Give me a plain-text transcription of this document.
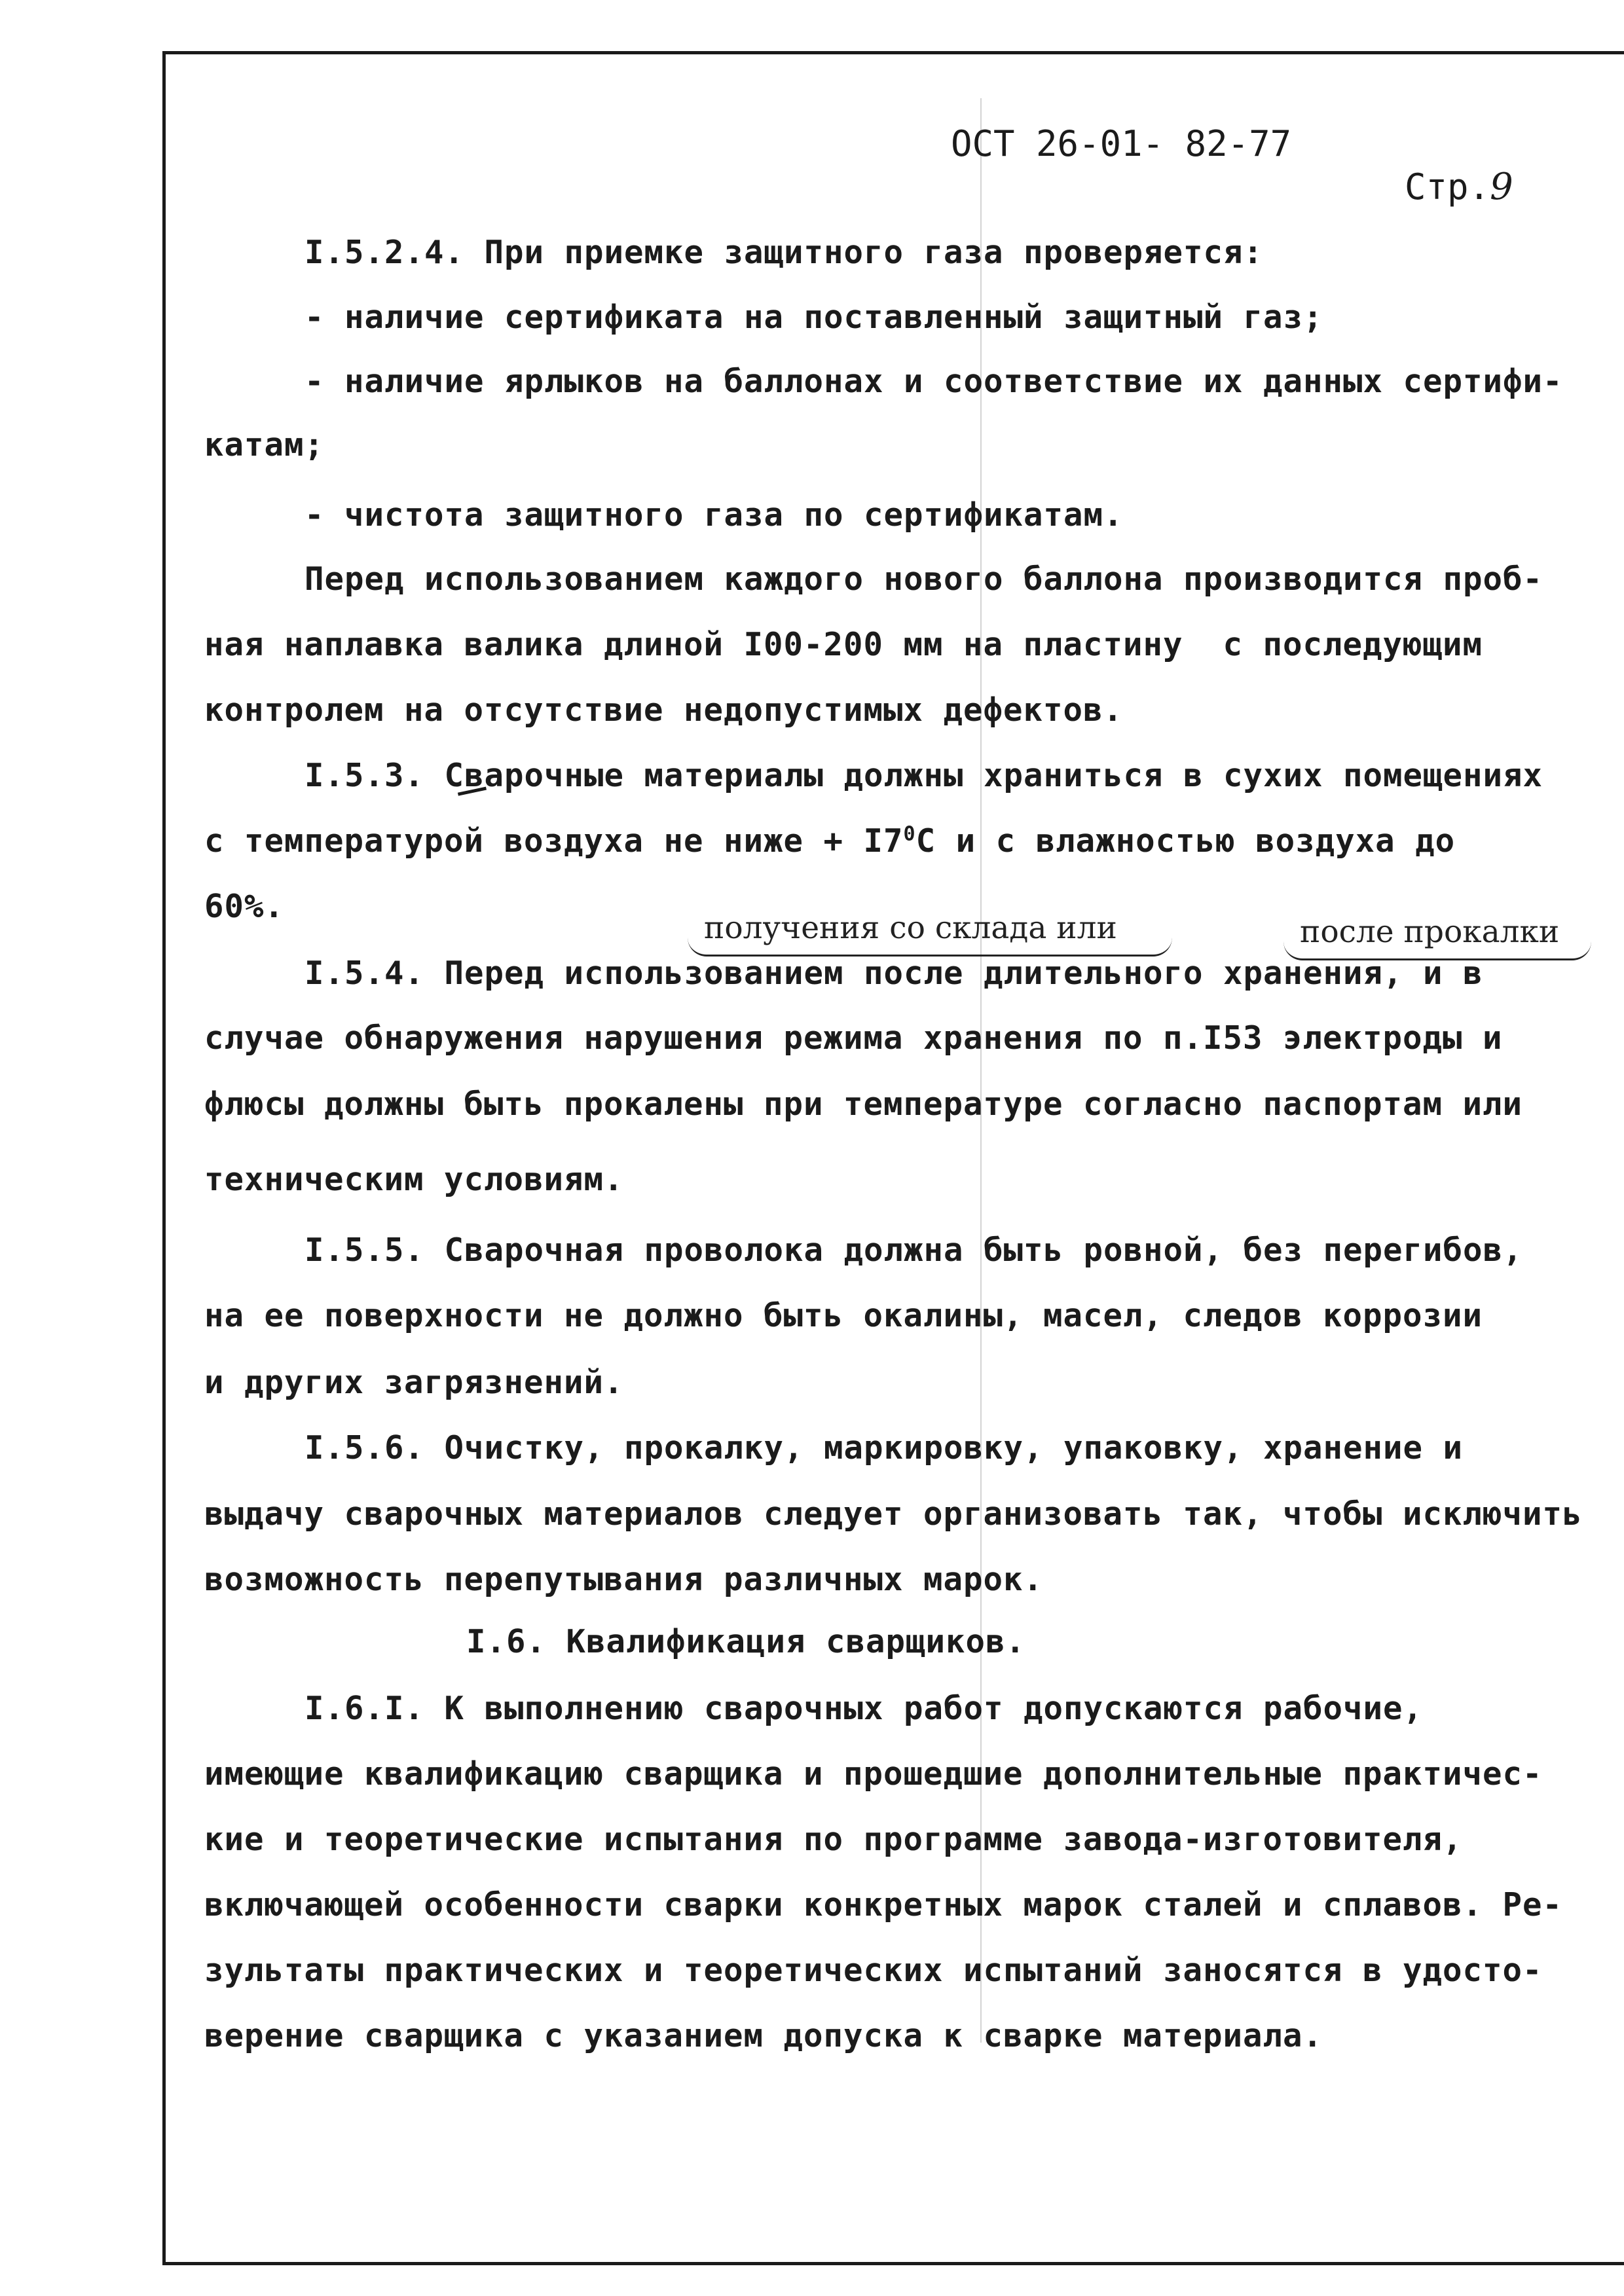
ОСТ 26-01- 82-77

Стр.9

I.5.2.4. При приемке защитного газа проверяется:
- наличие сертификата на поставленный защитный газ;
- наличие ярлыков на баллонах и соответствие их данных сертифи-
катам;
- чистота защитного газа по сертификатам.
Перед использованием каждого нового баллона производится проб-
ная наплавка валика длиной I00-200 мм на пластину  с последующим
контролем на отсутствие недопустимых дефектов.
I.5.3. Сварочные материалы должны храниться в сухих помещениях
с температурой воздуха не ниже + $I7^0C$ и с влажностью воздуха до
60%.
получения со склада или	после прокалки
I.5.4. Перед использованием после длительного хранения, и в
случае обнаружения нарушения режима хранения по п.I53 электроды и
флюсы должны быть прокалены при температуре согласно паспортам или
техническим условиям.
I.5.5. Сварочная проволока должна быть ровной, без перегибов,
на ее поверхности не должно быть окалины, масел, следов коррозии
и других загрязнений.
I.5.6. Очистку, прокалку, маркировку, упаковку, хранение и
выдачу сварочных материалов следует организовать так, чтобы исключить
возможность перепутывания различных марок.
I.6. Квалификация сварщиков.
I.6.I. К выполнению сварочных работ допускаются рабочие,
имеющие квалификацию сварщика и прошедшие дополнительные практичес-
кие и теоретические испытания по программе завода-изготовителя,
включающей особенности сварки конкретных марок сталей и сплавов. Ре-
зультаты практических и теоретических испытаний заносятся в удосто-
верение сварщика с указанием допуска к сварке материала.
